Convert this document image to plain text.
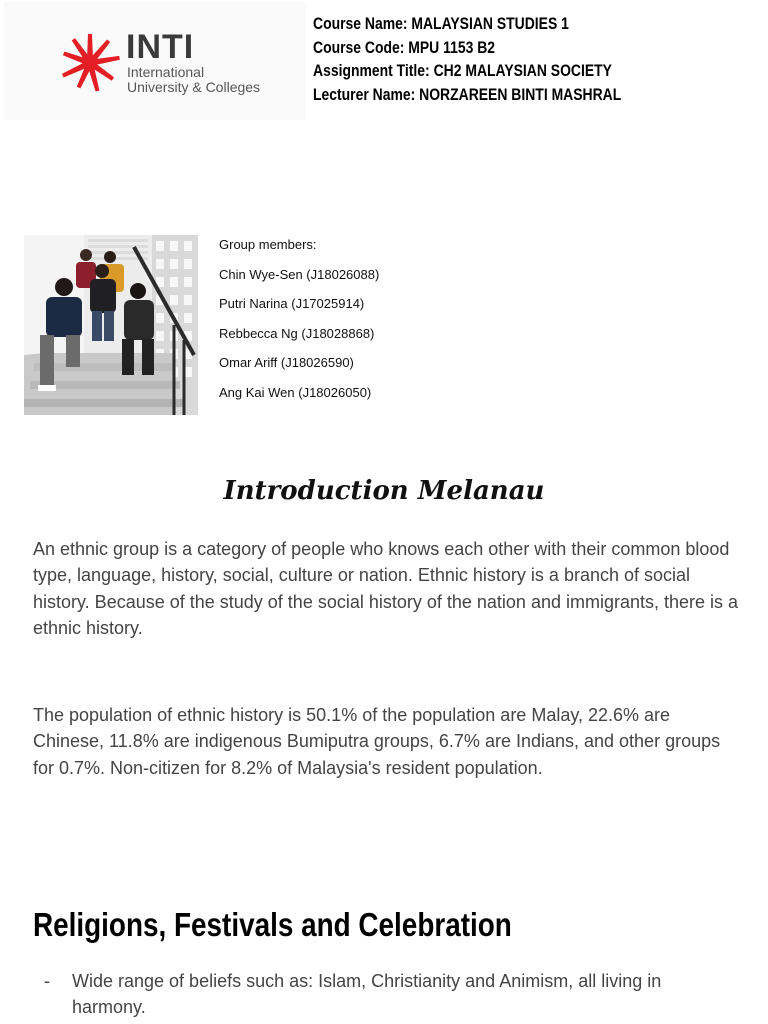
INTI
International
University & Colleges
Course Name: MALAYSIAN STUDIES 1
Course Code: MPU 1153 B2
Assignment Title: CH2 MALAYSIAN SOCIETY
Lecturer Name: NORZAREEN BINTI MASHRAL
Group members:
Chin Wye-Sen (J18026088)
Putri Narina (J17025914)
Rebbecca Ng (J18028868)
Omar Ariff (J18026590)
Ang Kai Wen (J18026050)
Introduction Melanau
An ethnic group is a category of people who knows each other with their common blood type, language, history, social, culture or nation. Ethnic history is a branch of social history. Because of the study of the social history of the nation and immigrants, there is a ethnic history.
The population of ethnic history is 50.1% of the population are Malay, 22.6% are Chinese, 11.8% are indigenous Bumiputra groups, 6.7% are Indians, and other groups for 0.7%. Non-citizen for 8.2% of Malaysia's resident population.
Religions, Festivals and Celebration
- Wide range of beliefs such as: Islam, Christianity and Animism, all living in harmony.
